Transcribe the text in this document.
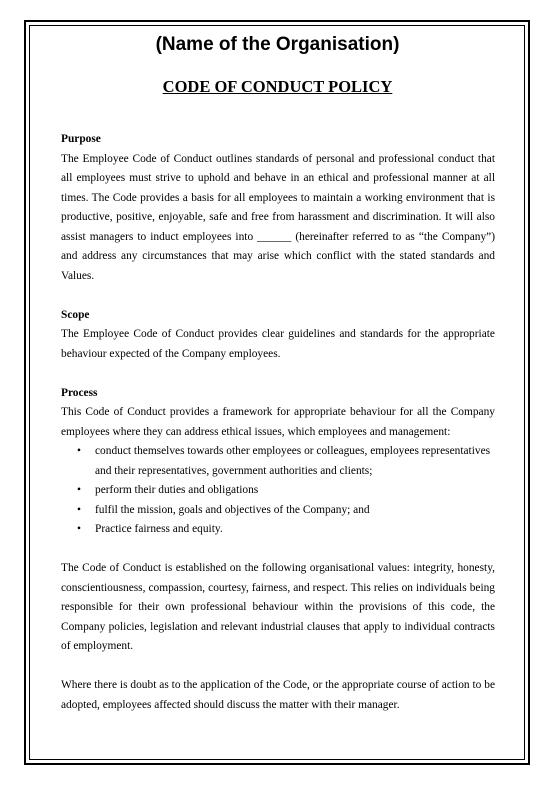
(Name of the Organisation)
CODE OF CONDUCT POLICY
Purpose

The Employee Code of Conduct outlines standards of personal and professional conduct that all employees must strive to uphold and behave in an ethical and professional manner at all times. The Code provides a basis for all employees to maintain a working environment that is productive, positive, enjoyable, safe and free from harassment and discrimination. It will also assist managers to induct employees into ______ (hereinafter referred to as “the Company”) and address any circumstances that may arise which conflict with the stated standards and Values.

Scope

The Employee Code of Conduct provides clear guidelines and standards for the appropriate behaviour expected of the Company employees.

Process

This Code of Conduct provides a framework for appropriate behaviour for all the Company employees where they can address ethical issues, which employees and management:

• conduct themselves towards other employees or colleagues, employees representatives and their representatives, government authorities and clients;
• perform their duties and obligations
• fulfil the mission, goals and objectives of the Company; and
• Practice fairness and equity.

The Code of Conduct is established on the following organisational values: integrity, honesty, conscientiousness, compassion, courtesy, fairness, and respect. This relies on individuals being responsible for their own professional behaviour within the provisions of this code, the Company policies, legislation and relevant industrial clauses that apply to individual contracts of employment.

Where there is doubt as to the application of the Code, or the appropriate course of action to be adopted, employees affected should discuss the matter with their manager.
